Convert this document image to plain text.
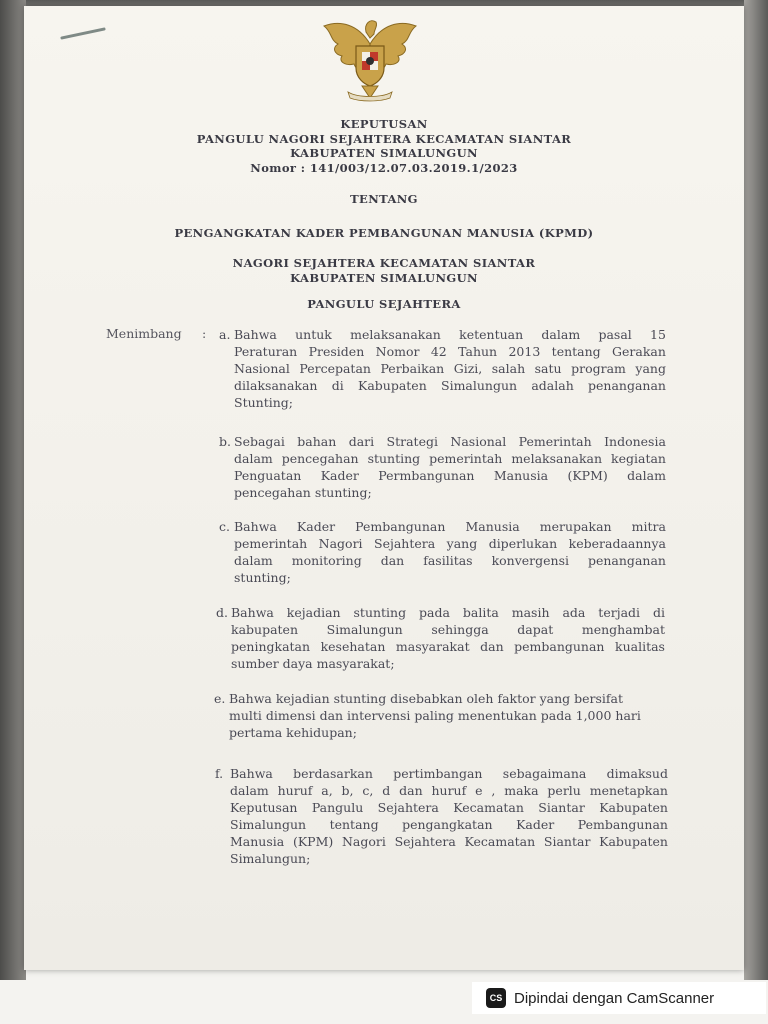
KEPUTUSAN
PANGULU NAGORI SEJAHTERA KECAMATAN SIANTAR
KABUPATEN SIMALUNGUN
Nomor : 141/003/12.07.03.2019.1/2023
TENTANG
PENGANGKATAN KADER PEMBANGUNAN MANUSIA (KPMD)
NAGORI SEJAHTERA KECAMATAN SIANTAR
KABUPATEN SIMALUNGUN
PANGULU SEJAHTERA
Menimbang : a. Bahwa untuk melaksanakan ketentuan dalam pasal 15
Peraturan Presiden Nomor 42 Tahun 2013 tentang Gerakan
Nasional Percepatan Perbaikan Gizi, salah satu program yang
dilaksanakan di Kabupaten Simalungun adalah penanganan
Stunting;
b. Sebagai bahan dari Strategi Nasional Pemerintah Indonesia
dalam pencegahan stunting pemerintah melaksanakan kegiatan
Penguatan Kader Permbangunan Manusia (KPM) dalam
pencegahan stunting;
c. Bahwa Kader Pembangunan Manusia merupakan mitra
pemerintah Nagori Sejahtera yang diperlukan keberadaannya
dalam monitoring dan fasilitas konvergensi penanganan
stunting;
d. Bahwa kejadian stunting pada balita masih ada terjadi di
kabupaten Simalungun sehingga dapat menghambat
peningkatan kesehatan masyarakat dan pembangunan kualitas
sumber daya masyarakat;
e. Bahwa kejadian stunting disebabkan oleh faktor yang bersifat
multi dimensi dan intervensi paling menentukan pada 1,000 hari
pertama kehidupan;
f. Bahwa berdasarkan pertimbangan sebagaimana dimaksud
dalam huruf a, b, c, d dan huruf e , maka perlu menetapkan
Keputusan Pangulu Sejahtera Kecamatan Siantar Kabupaten
Simalungun tentang pengangkatan Kader Pembangunan
Manusia (KPM) Nagori Sejahtera Kecamatan Siantar Kabupaten
Simalungun;
CS Dipindai dengan CamScanner
